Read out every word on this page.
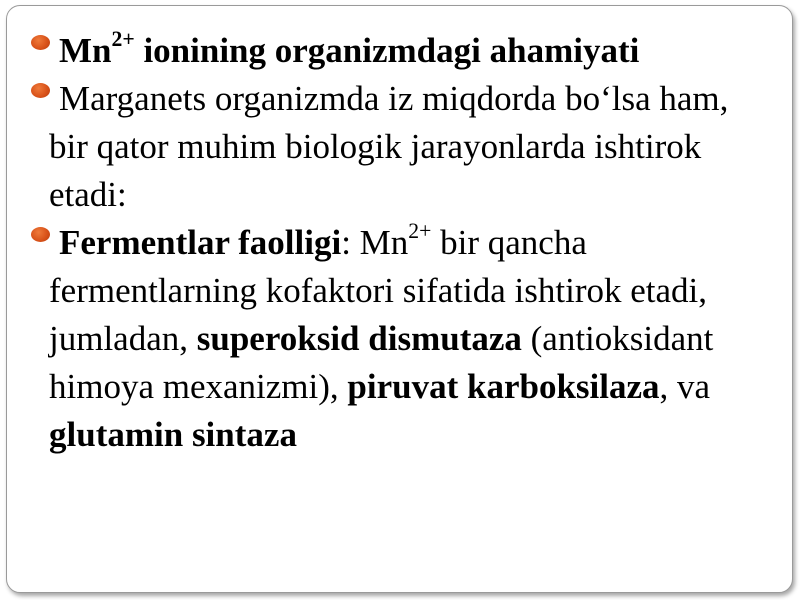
$Mn^{2+}$ ionining organizmdagi ahamiyati

Marganets organizmda iz miqdorda bo‘lsa ham, bir qator muhim biologik jarayonlarda ishtirok etadi:

Fermentlar faolligi: $Mn^{2+}$ bir qancha fermentlarning kofaktori sifatida ishtirok etadi, jumladan, superoksid dismutaza (antioksidant himoya mexanizmi), piruvat karboksilaza, va glutamin sintaza
